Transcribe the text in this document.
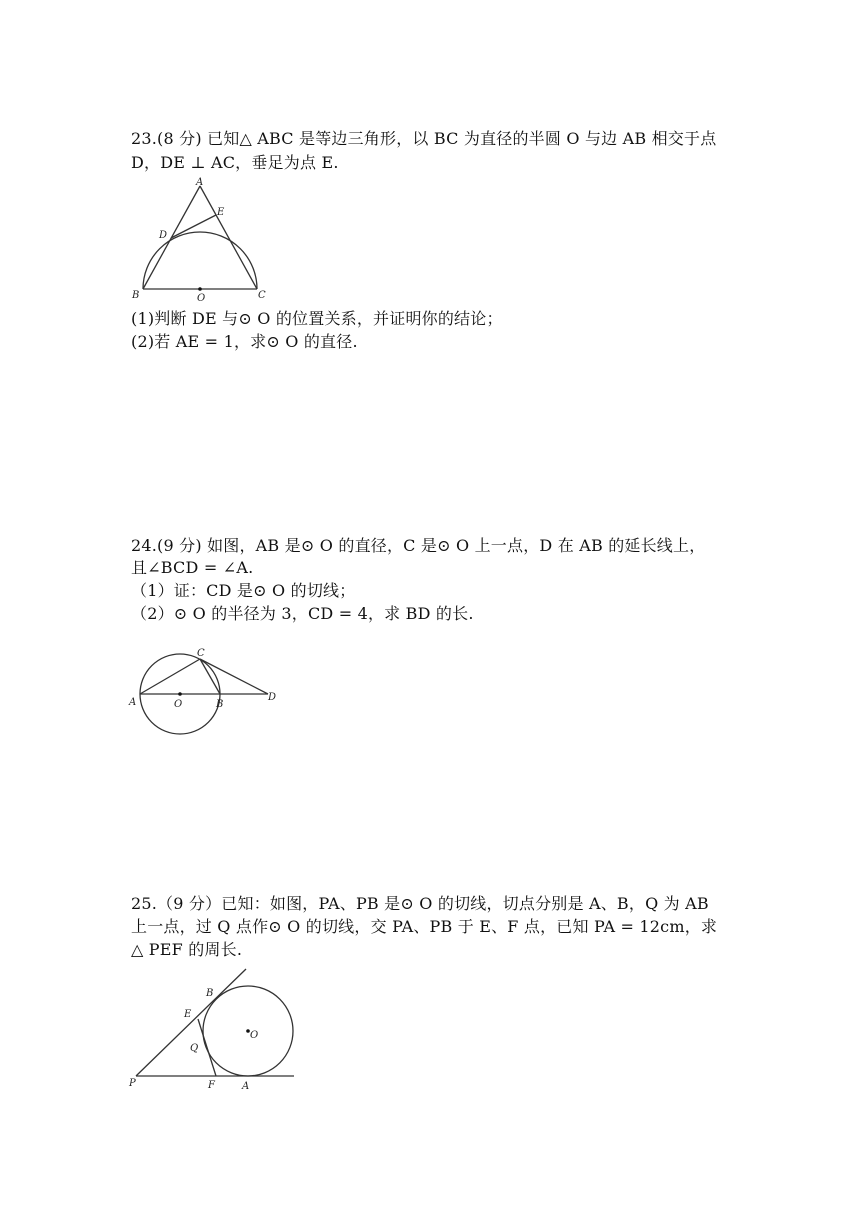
23.(8 分) 已知△ ABC 是等边三角形，以 BC 为直径的半圆 O 与边 AB 相交于点
D，DE ⊥ AC，垂足为点 E.
A
E
D
B	O	C
(1)判断 DE 与⊙ O 的位置关系，并证明你的结论；
(2)若 AE = 1，求⊙ O 的直径.
24.(9 分) 如图，AB 是⊙ O 的直径，C 是⊙ O 上一点，D 在 AB 的延长线上，
且∠BCD = ∠A.
（1）证：CD 是⊙ O 的切线；
（2）⊙ O 的半径为 3，CD = 4，求 BD 的长.
C
A	O	B
D
25.（9 分）已知：如图，PA、PB 是⊙ O 的切线，切点分别是 A、B，Q 为 AB
上一点，过 Q 点作⊙ O 的切线，交 PA、PB 于 E、F 点，已知 PA = 12cm，求
△ PEF 的周长.
B
E
O
Q
P	F	A
